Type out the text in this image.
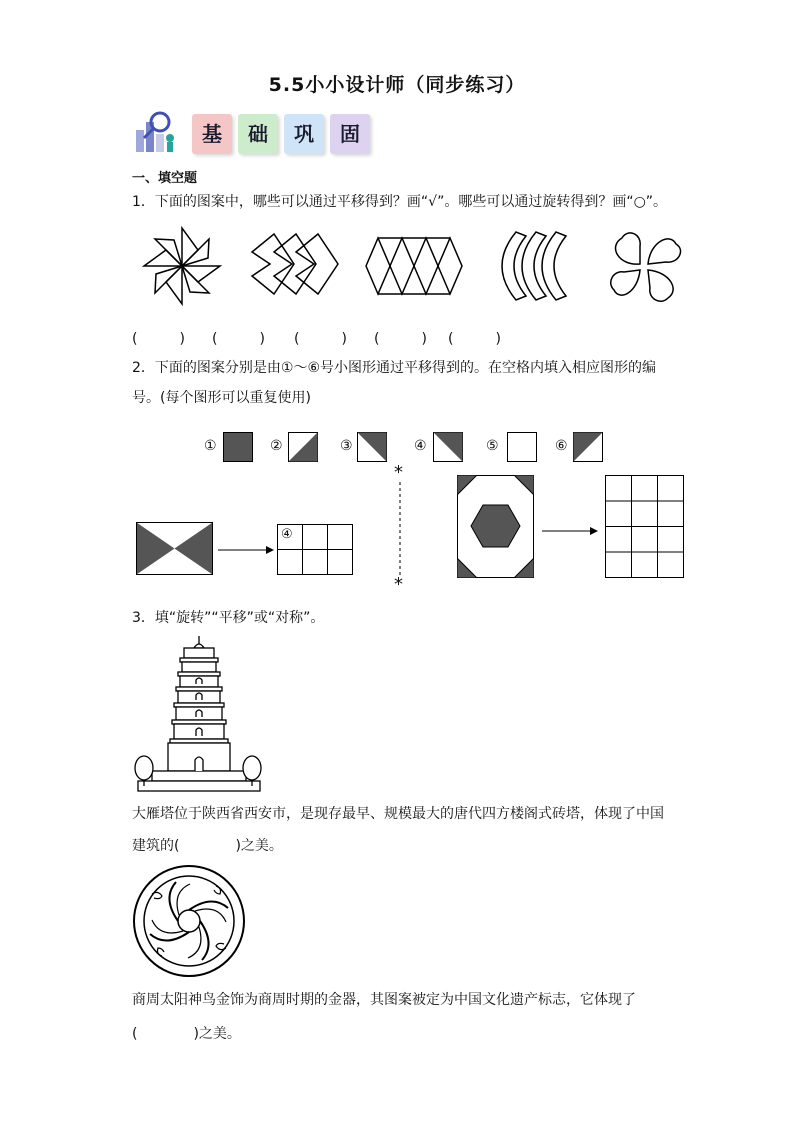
5.5小小设计师（同步练习）
基	础	巩	固
一、填空题
1．下面的图案中，哪些可以通过平移得到？画“√”。哪些可以通过旋转得到？画“○”。
(　　　) (　　　) (　　　) (　　　) (　　　)
2．下面的图案分别是由①～⑥号小图形通过平移得到的。在空格内填入相应图形的编
号。(每个图形可以重复使用)
①	②	③	④	⑤	⑥
④
*
*
3．填“旋转”“平移”或“对称”。
大雁塔位于陕西省西安市，是现存最早、规模最大的唐代四方楼阁式砖塔，体现了中国
建筑的(　　　　)之美。
商周太阳神鸟金饰为商周时期的金器，其图案被定为中国文化遗产标志，它体现了
(　　　　)之美。
